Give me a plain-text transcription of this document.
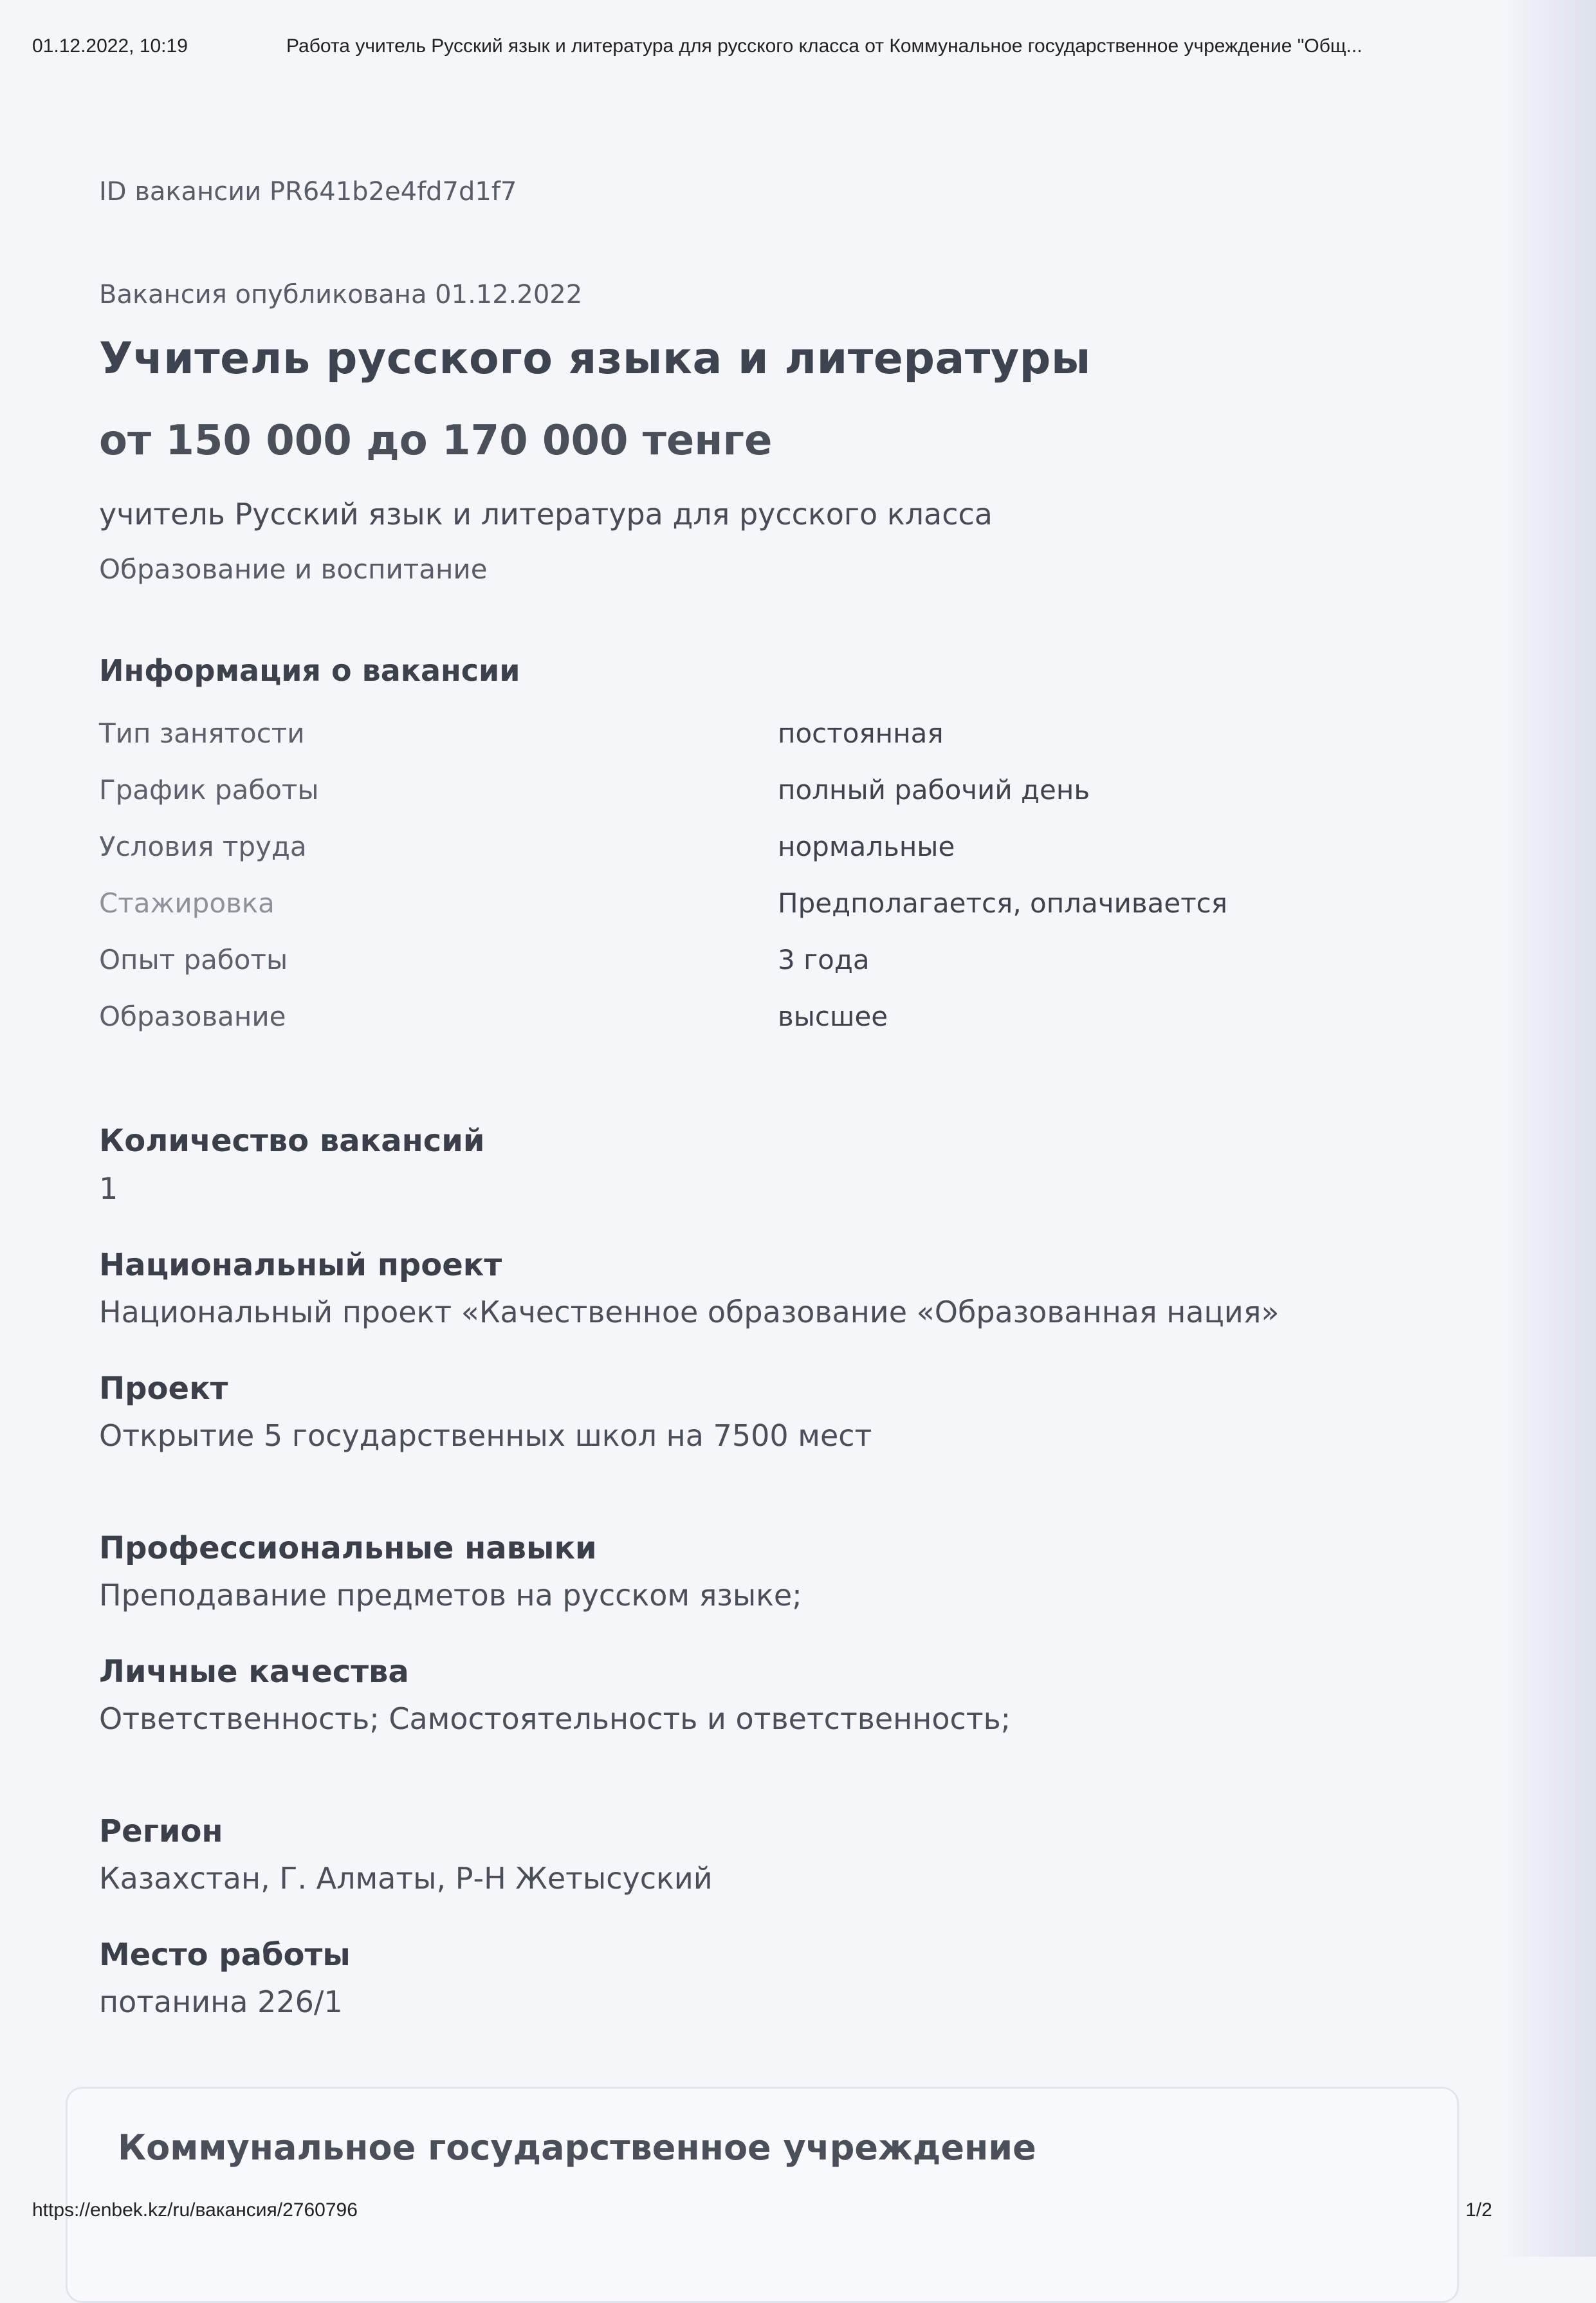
01.12.2022, 10:19	Работа учитель Русский язык и литература для русского класса от Коммунальное государственное учреждение "Общ...
ID вакансии PR641b2e4fd7d1f7
Вакансия опубликована 01.12.2022
Учитель русского языка и литературы
от 150 000 до 170 000 тенге
учитель Русский язык и литература для русского класса
Образование и воспитание
Информация о вакансии
Тип занятости	постоянная
График работы	полный рабочий день
Условия труда	нормальные
Стажировка	Предполагается, оплачивается
Опыт работы	3 года
Образование	высшее
Количество вакансий
1
Национальный проект
Национальный проект «Качественное образование «Образованная нация»
Проект
Открытие 5 государственных школ на 7500 мест
Профессиональные навыки
Преподавание предметов на русском языке;
Личные качества
Ответственность; Самостоятельность и ответственность;
Регион
Казахстан, Г. Алматы, Р-Н Жетысуский
Место работы
потанина 226/1
Коммунальное государственное учреждение
https://enbek.kz/ru/вакансия/2760796	1/2
